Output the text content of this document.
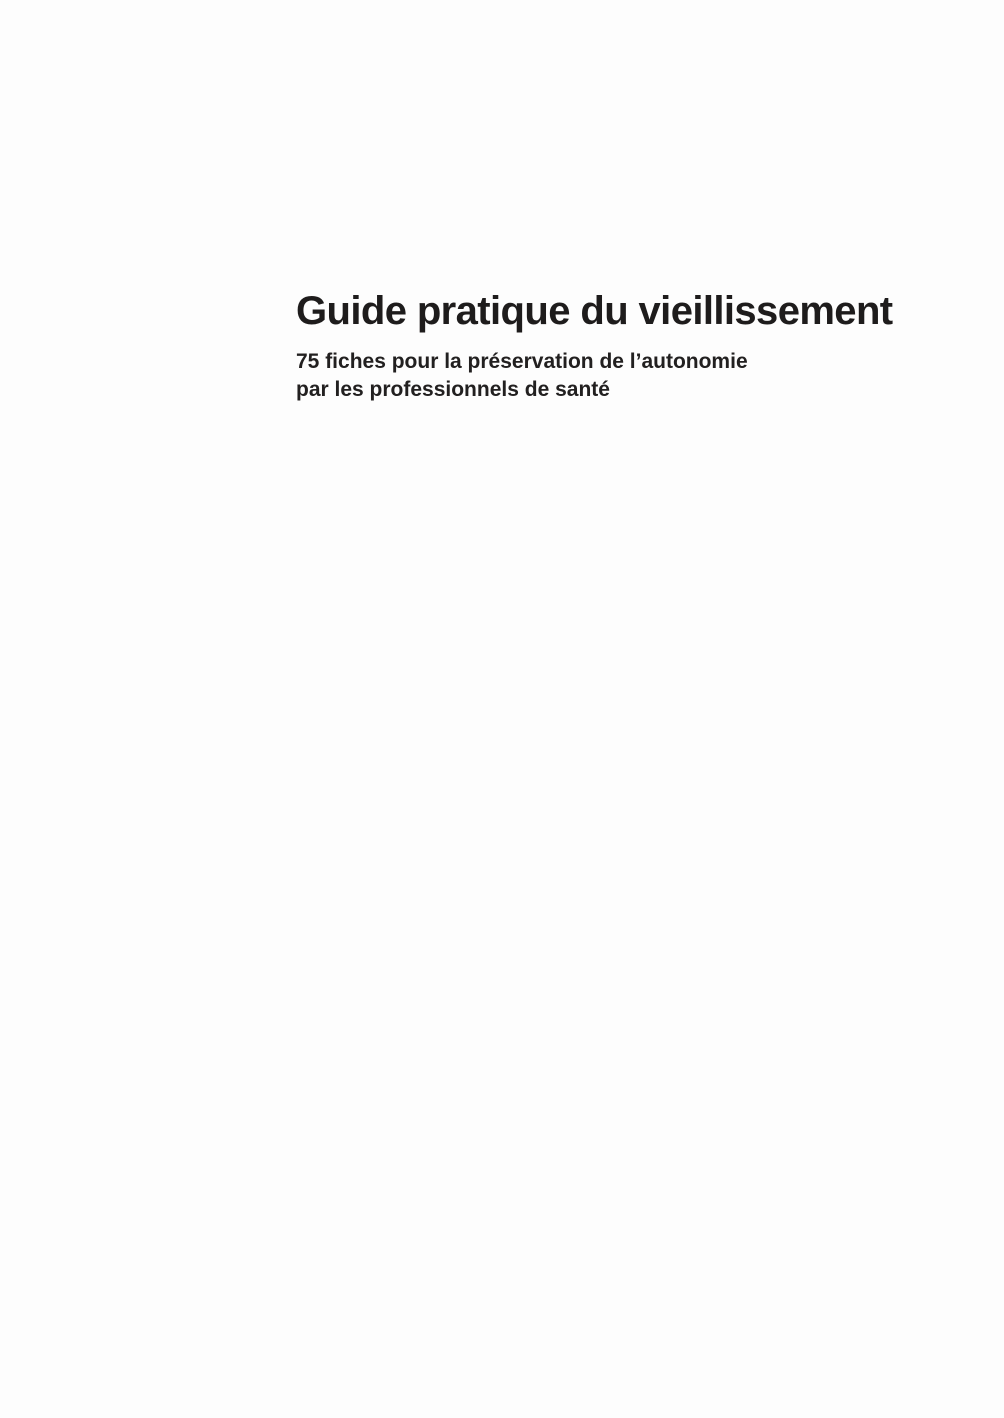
Guide pratique du vieillissement

75 fiches pour la préservation de l’autonomie
par les professionnels de santé
